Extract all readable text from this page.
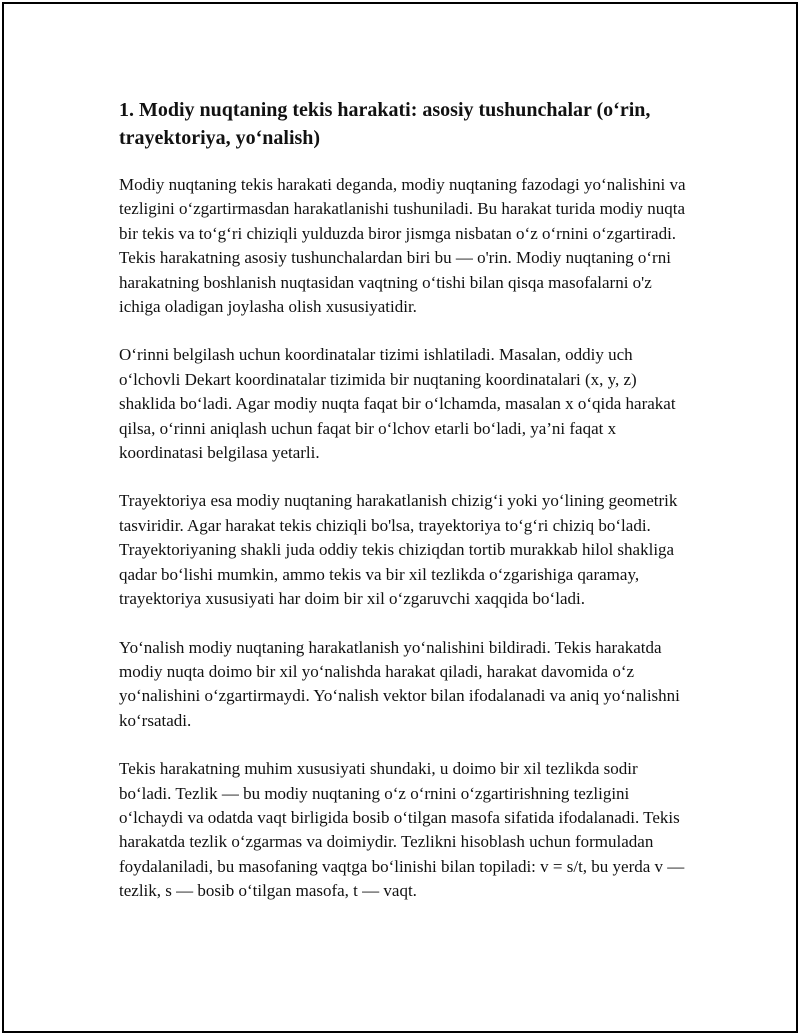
1. Modiy nuqtaning tekis harakati: asosiy tushunchalar (o‘rin, trayektoriya, yo‘nalish)

Modiy nuqtaning tekis harakati deganda, modiy nuqtaning fazodagi yo‘nalishini va tezligini o‘zgartirmasdan harakatlanishi tushuniladi. Bu harakat turida modiy nuqta bir tekis va to‘g‘ri chiziqli yulduzda biror jismga nisbatan o‘z o‘rnini o‘zgartiradi. Tekis harakatning asosiy tushunchalardan biri bu — o'rin. Modiy nuqtaning o‘rni harakatning boshlanish nuqtasidan vaqtning o‘tishi bilan qisqa masofalarni o'z ichiga oladigan joylasha olish xususiyatidir.

O‘rinni belgilash uchun koordinatalar tizimi ishlatiladi. Masalan, oddiy uch o‘lchovli Dekart koordinatalar tizimida bir nuqtaning koordinatalari (x, y, z) shaklida bo‘ladi. Agar modiy nuqta faqat bir o‘lchamda, masalan x o‘qida harakat qilsa, o‘rinni aniqlash uchun faqat bir o‘lchov etarli bo‘ladi, ya’ni faqat x koordinatasi belgilasa yetarli.

Trayektoriya esa modiy nuqtaning harakatlanish chizig‘i yoki yo‘lining geometrik tasviridir. Agar harakat tekis chiziqli bo'lsa, trayektoriya to‘g‘ri chiziq bo‘ladi. Trayektoriyaning shakli juda oddiy tekis chiziqdan tortib murakkab hilol shakliga qadar bo‘lishi mumkin, ammo tekis va bir xil tezlikda o‘zgarishiga qaramay, trayektoriya xususiyati har doim bir xil o‘zgaruvchi xaqqida bo‘ladi.

Yo‘nalish modiy nuqtaning harakatlanish yo‘nalishini bildiradi. Tekis harakatda modiy nuqta doimo bir xil yo‘nalishda harakat qiladi, harakat davomida o‘z yo‘nalishini o‘zgartirmaydi. Yo‘nalish vektor bilan ifodalanadi va aniq yo‘nalishni ko‘rsatadi.

Tekis harakatning muhim xususiyati shundaki, u doimo bir xil tezlikda sodir bo‘ladi. Tezlik — bu modiy nuqtaning o‘z o‘rnini o‘zgartirishning tezligini o‘lchaydi va odatda vaqt birligida bosib o‘tilgan masofa sifatida ifodalanadi. Tekis harakatda tezlik o‘zgarmas va doimiydir. Tezlikni hisoblash uchun formuladan foydalaniladi, bu masofaning vaqtga bo‘linishi bilan topiladi: v = s/t, bu yerda v — tezlik, s — bosib o‘tilgan masofa, t — vaqt.
